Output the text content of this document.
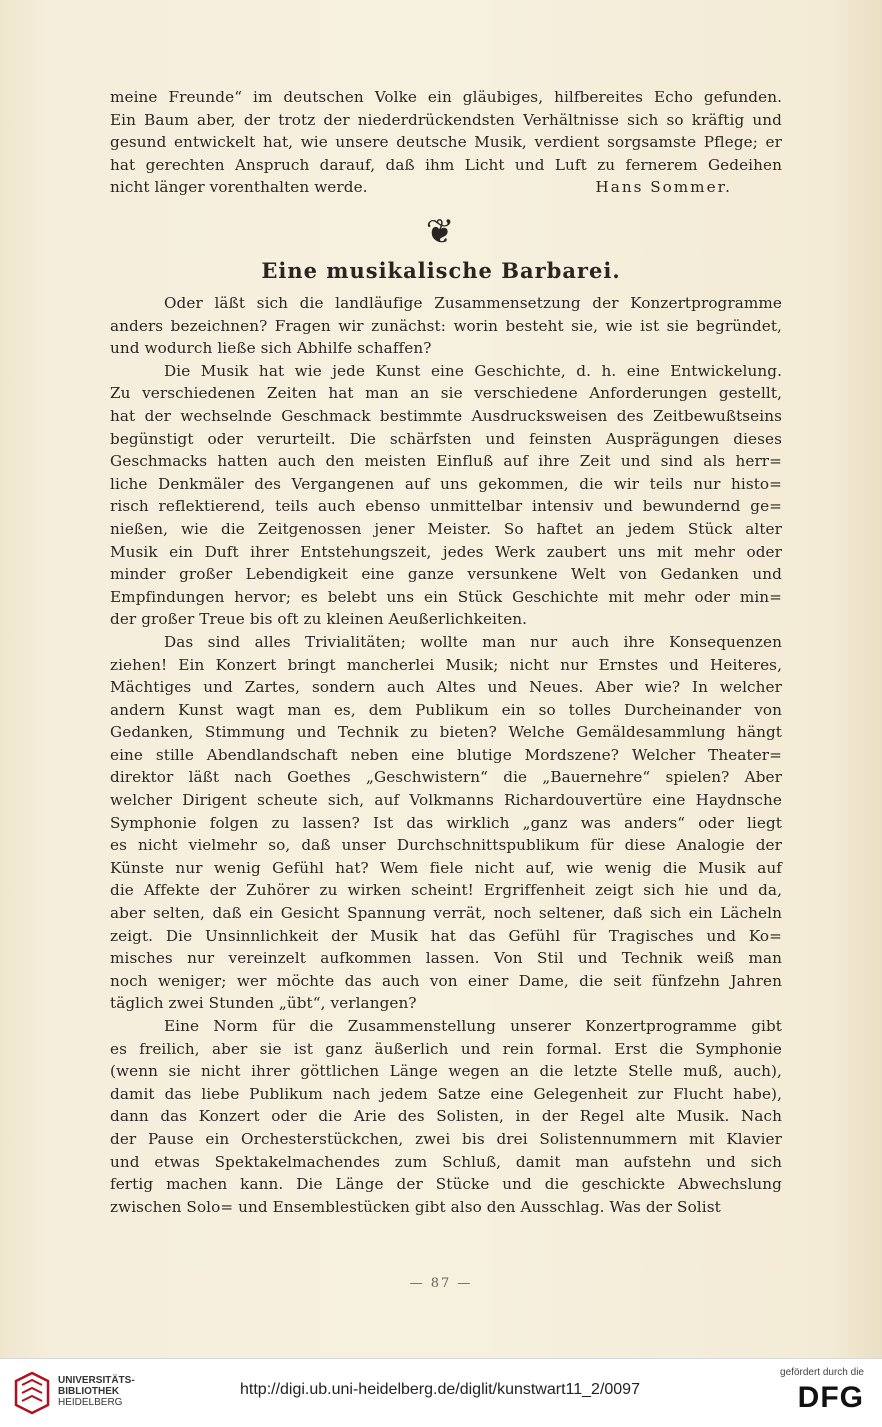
meine Freunde“ im deutschen Volke ein gläubiges, hilfbereites Echo gefunden.
Ein Baum aber, der trotz der niederdrückendsten Verhältnisse sich so kräftig und
gesund entwickelt hat, wie unsere deutsche Musik, verdient sorgsamste Pflege; er
hat gerechten Anspruch darauf, daß ihm Licht und Luft zu fernerem Gedeihen
nicht länger vorenthalten werde.	Hans Sommer.
❦
Eine musikalische Barbarei.
Oder läßt sich die landläufige Zusammensetzung der Konzertprogramme
anders bezeichnen? Fragen wir zunächst: worin besteht sie, wie ist sie begründet,
und wodurch ließe sich Abhilfe schaffen?
Die Musik hat wie jede Kunst eine Geschichte, d. h. eine Entwickelung.
Zu verschiedenen Zeiten hat man an sie verschiedene Anforderungen gestellt,
hat der wechselnde Geschmack bestimmte Ausdrucksweisen des Zeitbewußtseins
begünstigt oder verurteilt. Die schärfsten und feinsten Ausprägungen dieses
Geschmacks hatten auch den meisten Einfluß auf ihre Zeit und sind als herr=
liche Denkmäler des Vergangenen auf uns gekommen, die wir teils nur histo=
risch reflektierend, teils auch ebenso unmittelbar intensiv und bewundernd ge=
nießen, wie die Zeitgenossen jener Meister. So haftet an jedem Stück alter
Musik ein Duft ihrer Entstehungszeit, jedes Werk zaubert uns mit mehr oder
minder großer Lebendigkeit eine ganze versunkene Welt von Gedanken und
Empfindungen hervor; es belebt uns ein Stück Geschichte mit mehr oder min=
der großer Treue bis oft zu kleinen Aeußerlichkeiten.
Das sind alles Trivialitäten; wollte man nur auch ihre Konsequenzen
ziehen! Ein Konzert bringt mancherlei Musik; nicht nur Ernstes und Heiteres,
Mächtiges und Zartes, sondern auch Altes und Neues. Aber wie? In welcher
andern Kunst wagt man es, dem Publikum ein so tolles Durcheinander von
Gedanken, Stimmung und Technik zu bieten? Welche Gemäldesammlung hängt
eine stille Abendlandschaft neben eine blutige Mordszene? Welcher Theater=
direktor läßt nach Goethes „Geschwistern“ die „Bauernehre“ spielen? Aber
welcher Dirigent scheute sich, auf Volkmanns Richardouvertüre eine Haydnsche
Symphonie folgen zu lassen? Ist das wirklich „ganz was anders“ oder liegt
es nicht vielmehr so, daß unser Durchschnittspublikum für diese Analogie der
Künste nur wenig Gefühl hat? Wem fiele nicht auf, wie wenig die Musik auf
die Affekte der Zuhörer zu wirken scheint! Ergriffenheit zeigt sich hie und da,
aber selten, daß ein Gesicht Spannung verrät, noch seltener, daß sich ein Lächeln
zeigt. Die Unsinnlichkeit der Musik hat das Gefühl für Tragisches und Ko=
misches nur vereinzelt aufkommen lassen. Von Stil und Technik weiß man
noch weniger; wer möchte das auch von einer Dame, die seit fünfzehn Jahren
täglich zwei Stunden „übt“, verlangen?
Eine Norm für die Zusammenstellung unserer Konzertprogramme gibt
es freilich, aber sie ist ganz äußerlich und rein formal. Erst die Symphonie
(wenn sie nicht ihrer göttlichen Länge wegen an die letzte Stelle muß, auch),
damit das liebe Publikum nach jedem Satze eine Gelegenheit zur Flucht habe),
dann das Konzert oder die Arie des Solisten, in der Regel alte Musik. Nach
der Pause ein Orchesterstückchen, zwei bis drei Solistennummern mit Klavier
und etwas Spektakelmachendes zum Schluß, damit man aufstehn und sich
fertig machen kann. Die Länge der Stücke und die geschickte Abwechslung
zwischen Solo= und Ensemblestücken gibt also den Ausschlag. Was der Solist
— 87 —
UNIVERSITÄTS-
BIBLIOTHEK
HEIDELBERG
http://digi.ub.uni-heidelberg.de/diglit/kunstwart11_2/0097
gefördert durch die
DFG
